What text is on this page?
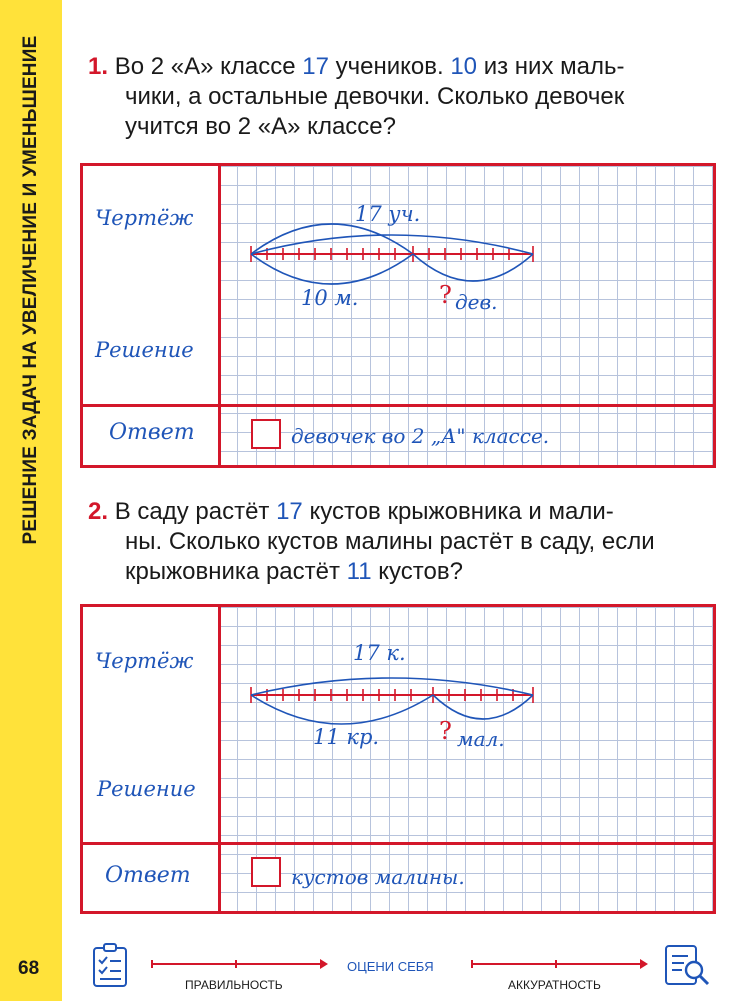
РЕШЕНИЕ ЗАДАЧ НА УВЕЛИЧЕНИЕ И УМЕНЬШЕНИЕ 1. Во 2 «А» классе 17 учеников. 10 из них маль-
чики, а остальные девочки. Сколько девочек
учится во 2 «А» классе?
Чертёж
Решение
Ответ	девочек во 2 „А" классе.
17 уч.
10 м.	? дев.
2. В саду растёт 17 кустов крыжовника и мали-
ны. Сколько кустов малины растёт в саду, если
крыжовника растёт 11 кустов?
Чертёж
Решение
Ответ	кустов малины.
17 к.
11 кр. ? мал.
68
ПРАВИЛЬНОСТЬ
ОЦЕНИ СЕБЯ
АККУРАТНОСТЬ
